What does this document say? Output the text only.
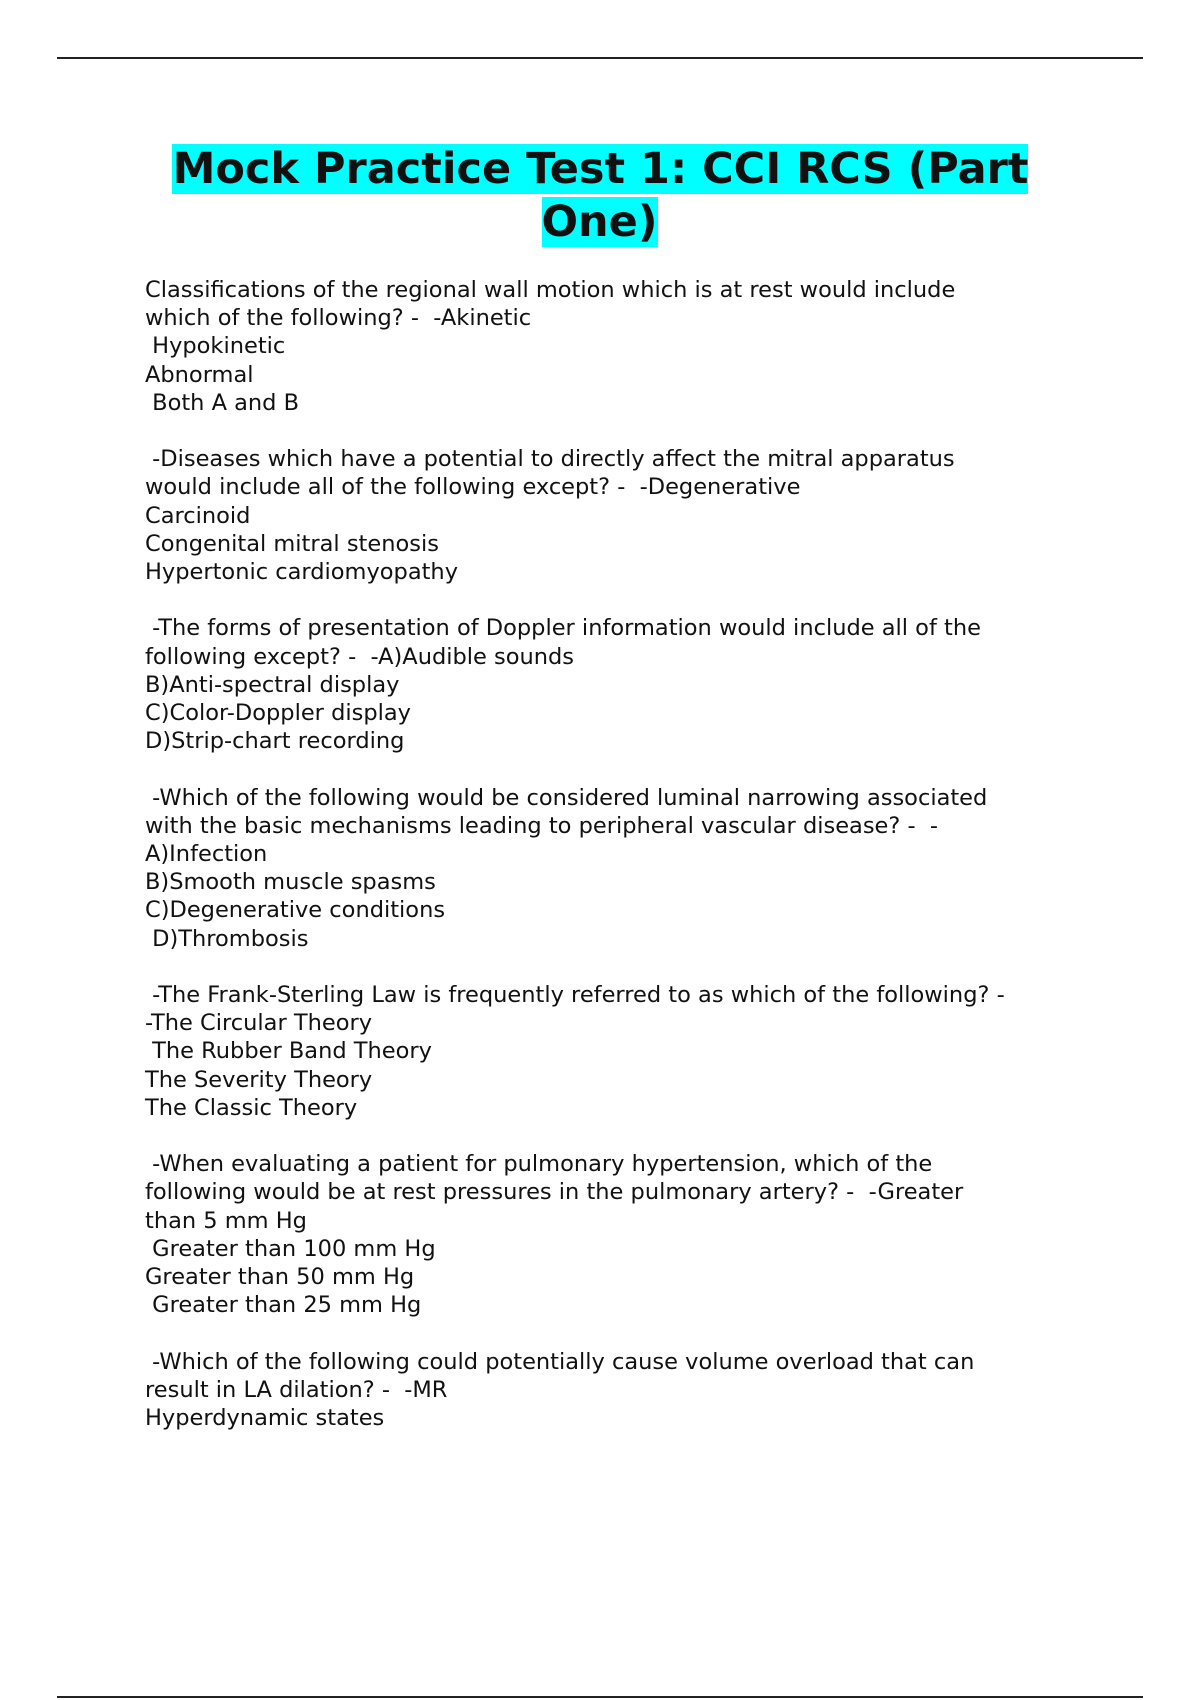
Mock Practice Test 1: CCI RCS (Part One)
Classifications of the regional wall motion which is at rest would include
which of the following? -  -Akinetic
Hypokinetic
Abnormal
Both A and B
-Diseases which have a potential to directly affect the mitral apparatus
would include all of the following except? -  -Degenerative
Carcinoid
Congenital mitral stenosis
Hypertonic cardiomyopathy
-The forms of presentation of Doppler information would include all of the
following except? -  -A)Audible sounds
B)Anti-spectral display
C)Color-Doppler display
D)Strip-chart recording
-Which of the following would be considered luminal narrowing associated
with the basic mechanisms leading to peripheral vascular disease? -  -
A)Infection
B)Smooth muscle spasms
C)Degenerative conditions
D)Thrombosis
-The Frank-Sterling Law is frequently referred to as which of the following? -
-The Circular Theory
The Rubber Band Theory
The Severity Theory
The Classic Theory
-When evaluating a patient for pulmonary hypertension, which of the
following would be at rest pressures in the pulmonary artery? -  -Greater
than 5 mm Hg
Greater than 100 mm Hg
Greater than 50 mm Hg
Greater than 25 mm Hg
-Which of the following could potentially cause volume overload that can
result in LA dilation? -  -MR
Hyperdynamic states
